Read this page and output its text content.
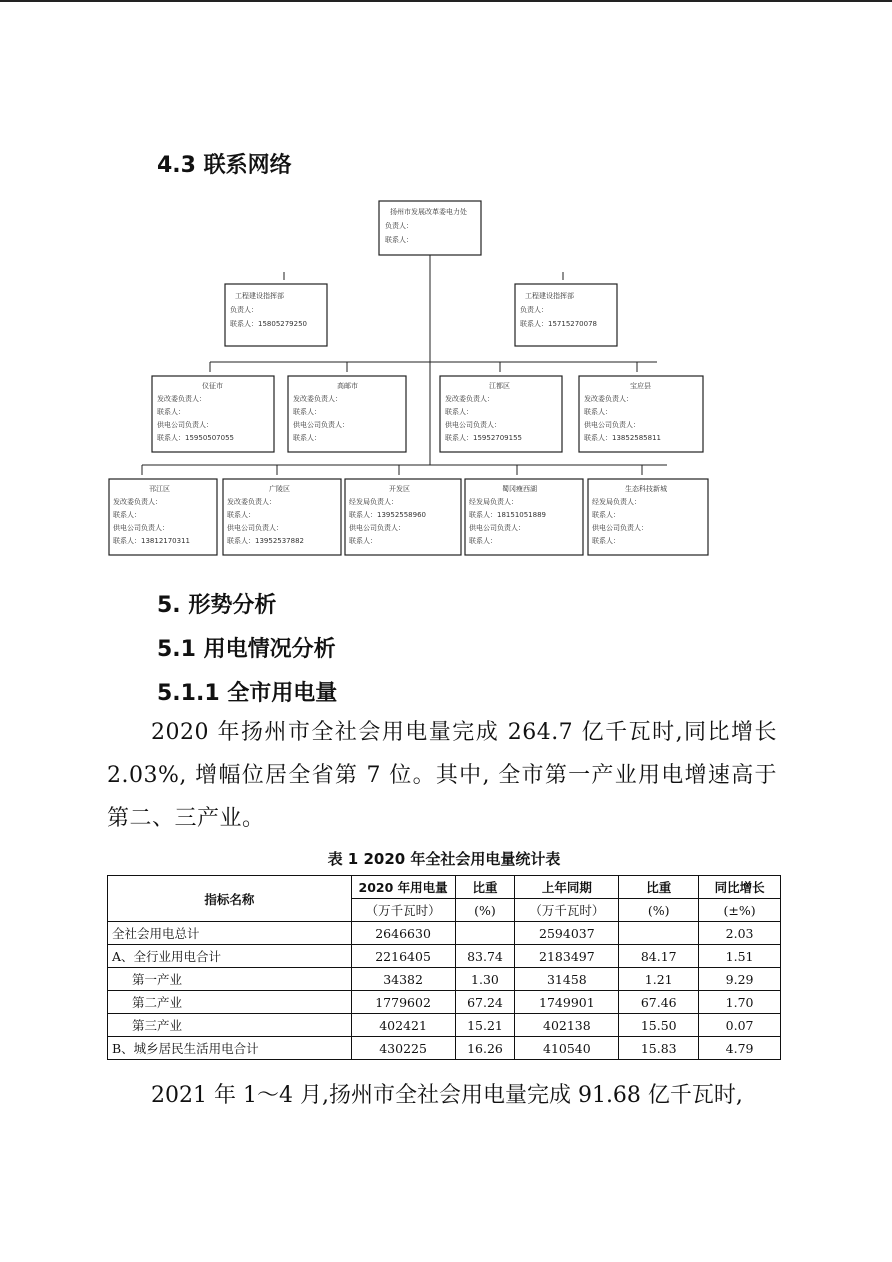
4.3 联系网络
扬州市发展改革委电力处
负责人：
联系人：
工程建设指挥部
负责人：
联系人：15805279250
工程建设指挥部
负责人：
联系人：15715270078
仪征市
发改委负责人：
联系人：
供电公司负责人：
联系人：15950507055
高邮市
发改委负责人：
联系人：
供电公司负责人：
联系人：
江都区
发改委负责人：
联系人：
供电公司负责人：
联系人：15952709155
宝应县
发改委负责人：
联系人：
供电公司负责人：
联系人：13852585811
邗江区
发改委负责人：
联系人：
供电公司负责人：
联系人：13812170311
广陵区
发改委负责人：
联系人：
供电公司负责人：
联系人：13952537882
开发区
经发局负责人：
联系人：13952558960
供电公司负责人：
联系人：
蜀冈瘦西湖
经发局负责人：
联系人：18151051889
供电公司负责人：
联系人：
生态科技新城
经发局负责人：
联系人：
供电公司负责人：
联系人：
5. 形势分析
5.1 用电情况分析
5.1.1 全市用电量

2020 年扬州市全社会用电量完成 264.7 亿千瓦时,同比增长 2.03%, 增幅位居全省第 7 位。其中, 全市第一产业用电增速高于第二、三产业。

表 1 2020 年全社会用电量统计表

指标名称	2020 年用电量	比重	上年同期	比重	同比增长
	（万千瓦时）	(%)	（万千瓦时）	(%)	(±%)
全社会用电总计	2646630		2594037		2.03
A、全行业用电合计	2216405	83.74	2183497	84.17	1.51
第一产业	34382	1.30	31458	1.21	9.29
第二产业	1779602	67.24	1749901	67.46	1.70
第三产业	402421	15.21	402138	15.50	0.07
B、城乡居民生活用电合计	430225	16.26	410540	15.83	4.79

2021 年 1～4 月,扬州市全社会用电量完成 91.68 亿千瓦时,
